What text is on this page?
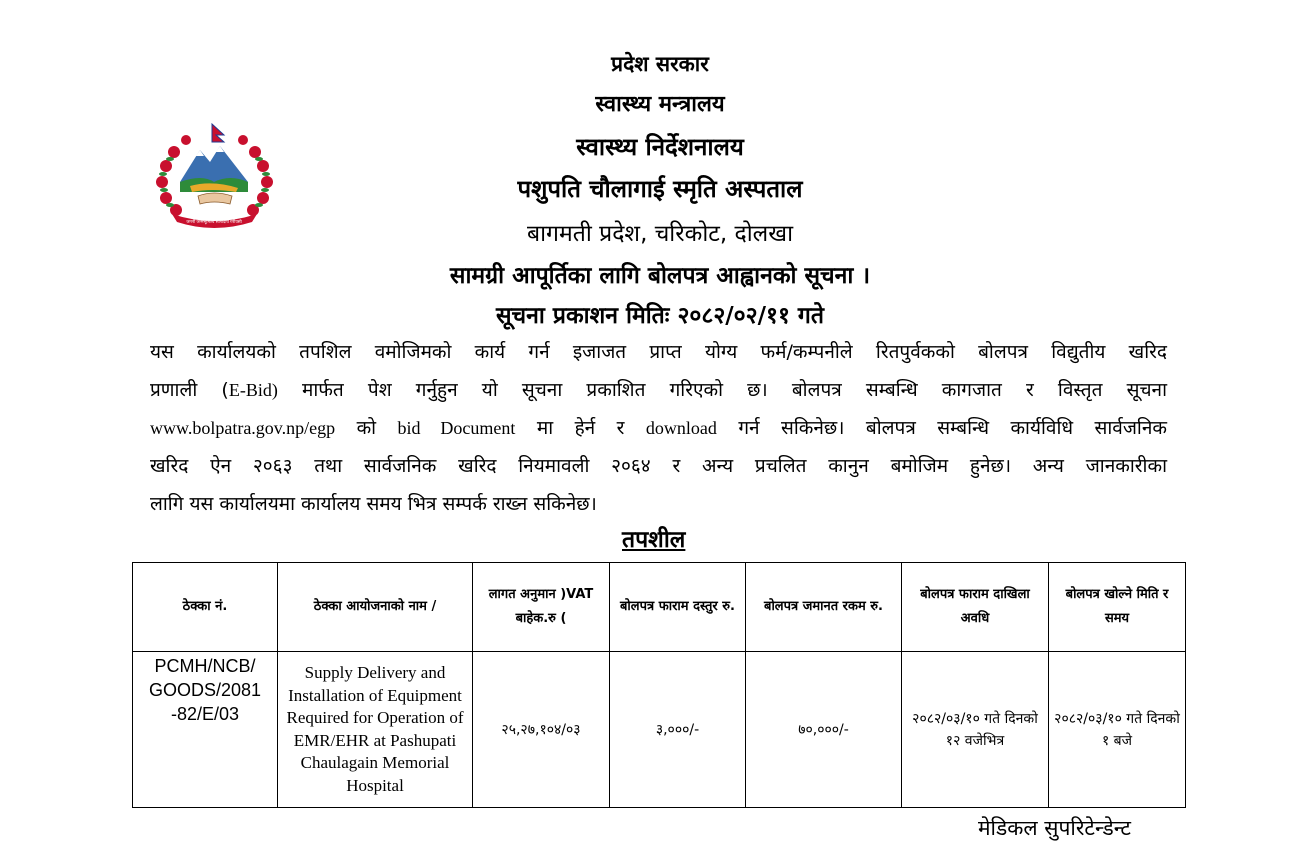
जननी जन्मभूमिश्च स्वर्गादपि गरीयसी
प्रदेश सरकार
स्वास्थ्य मन्त्रालय
स्वास्थ्य निर्देशनालय
पशुपति चौलागाई स्मृति अस्पताल
बागमती प्रदेश, चरिकोट, दोलखा
सामग्री आपूर्तिका लागि बोलपत्र आह्वानको सूचना ।
सूचना प्रकाशन मितिः २०८२/०२/११ गते
यस कार्यालयको तपशिल वमोजिमको कार्य गर्न इजाजत प्राप्त योग्य फर्म/कम्पनीले रितपुर्वकको बोलपत्र विद्युतीय खरिद
प्रणाली (E-Bid) मार्फत पेश गर्नुहुन यो सूचना प्रकाशित गरिएको छ। बोलपत्र सम्बन्धि कागजात र विस्तृत सूचना
www.bolpatra.gov.np/egp को bid Document मा हेर्न र download गर्न सकिनेछ। बोलपत्र सम्बन्धि कार्यविधि सार्वजनिक
खरिद ऐन २०६३ तथा सार्वजनिक खरिद नियमावली २०६४ र अन्य प्रचलित कानुन बमोजिम हुनेछ। अन्य जानकारीका
लागि यस कार्यालयमा कार्यालय समय भित्र सम्पर्क राख्न सकिनेछ।
तपशील
ठेक्का नं.	ठेक्का आयोजनाको नाम /	लागत अनुमान )VAT बाहेक.रु (	बोलपत्र फाराम दस्तुर रु.	बोलपत्र जमानत रकम रु.	बोलपत्र फाराम दाखिला अवधि	बोलपत्र खोल्ने मिति र समय
PCMH/NCB/ GOODS/2081 -82/E/03	Supply Delivery and Installation of Equipment Required for Operation of EMR/EHR at Pashupati Chaulagain Memorial Hospital	२५,२७,१०४/०३	३,०००/-	७०,०००/-	२०८२/०३/१० गते दिनको १२ वजेभित्र	२०८२/०३/१० गते दिनको १ बजे
मेडिकल सुपरिटेन्डेन्ट
